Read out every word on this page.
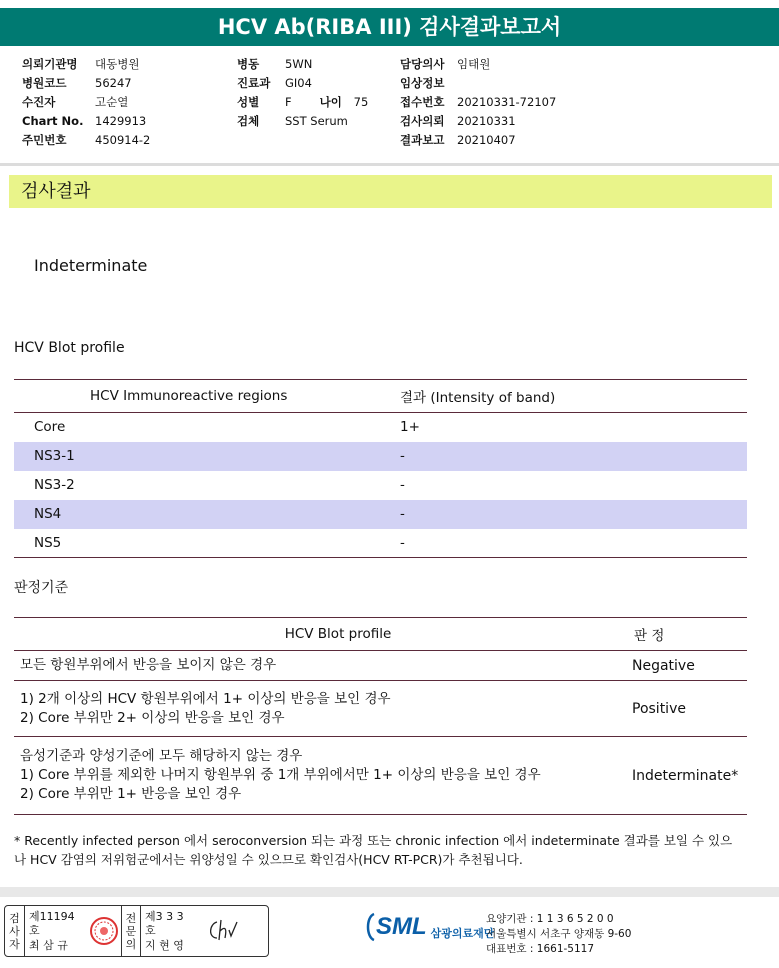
HCV Ab(RIBA III) 검사결과보고서
의뢰기관명	대동병원
병원코드	56247
수진자	고순열
Chart No.	1429913
주민번호	450914-2
병동	5WN
진료과	GI04
성별	F 나이	75
검체	SST Serum
담당의사	임태원
임상정보
접수번호	20210331-72107
검사의뢰	20210331
결과보고	20210407
검사결과
Indeterminate
HCV Blot profile
HCV Immunoreactive regions	결과 (Intensity of band)
Core	1+
NS3-1	-
NS3-2	-
NS4	-
NS5	-
판정기준
HCV Blot profile	판 정

모든 항원부위에서 반응을 보이지 않은 경우	Negative

1) 2개 이상의 HCV 항원부위에서 1+ 이상의 반응을 보인 경우
2) Core 부위만 2+ 이상의 반응을 보인 경우	Positive

음성기준과 양성기준에 모두 해당하지 않는 경우
1) Core 부위를 제외한 나머지 항원부위 중 1개 부위에서만 1+ 이상의 반응을 보인 경우
2) Core 부위만 1+ 반응을 보인 경우	Indeterminate*
* Recently infected person 에서 seroconversion 되는 과정 또는 chronic infection 에서 indeterminate 결과를 보일 수 있으나 HCV 감염의 저위험군에서는 위양성일 수 있으므로 확인검사(HCV RT-PCR)가 추천됩니다.
검
사
자
제11194호
최 삼 규
전
문
의
제3 3 3 호
지 현 영
SML 삼광의료재단
요양기관 : 1 1 3 6 5 2 0 0
서울특별시 서초구 양재동 9-60
대표번호 : 1661-5117
